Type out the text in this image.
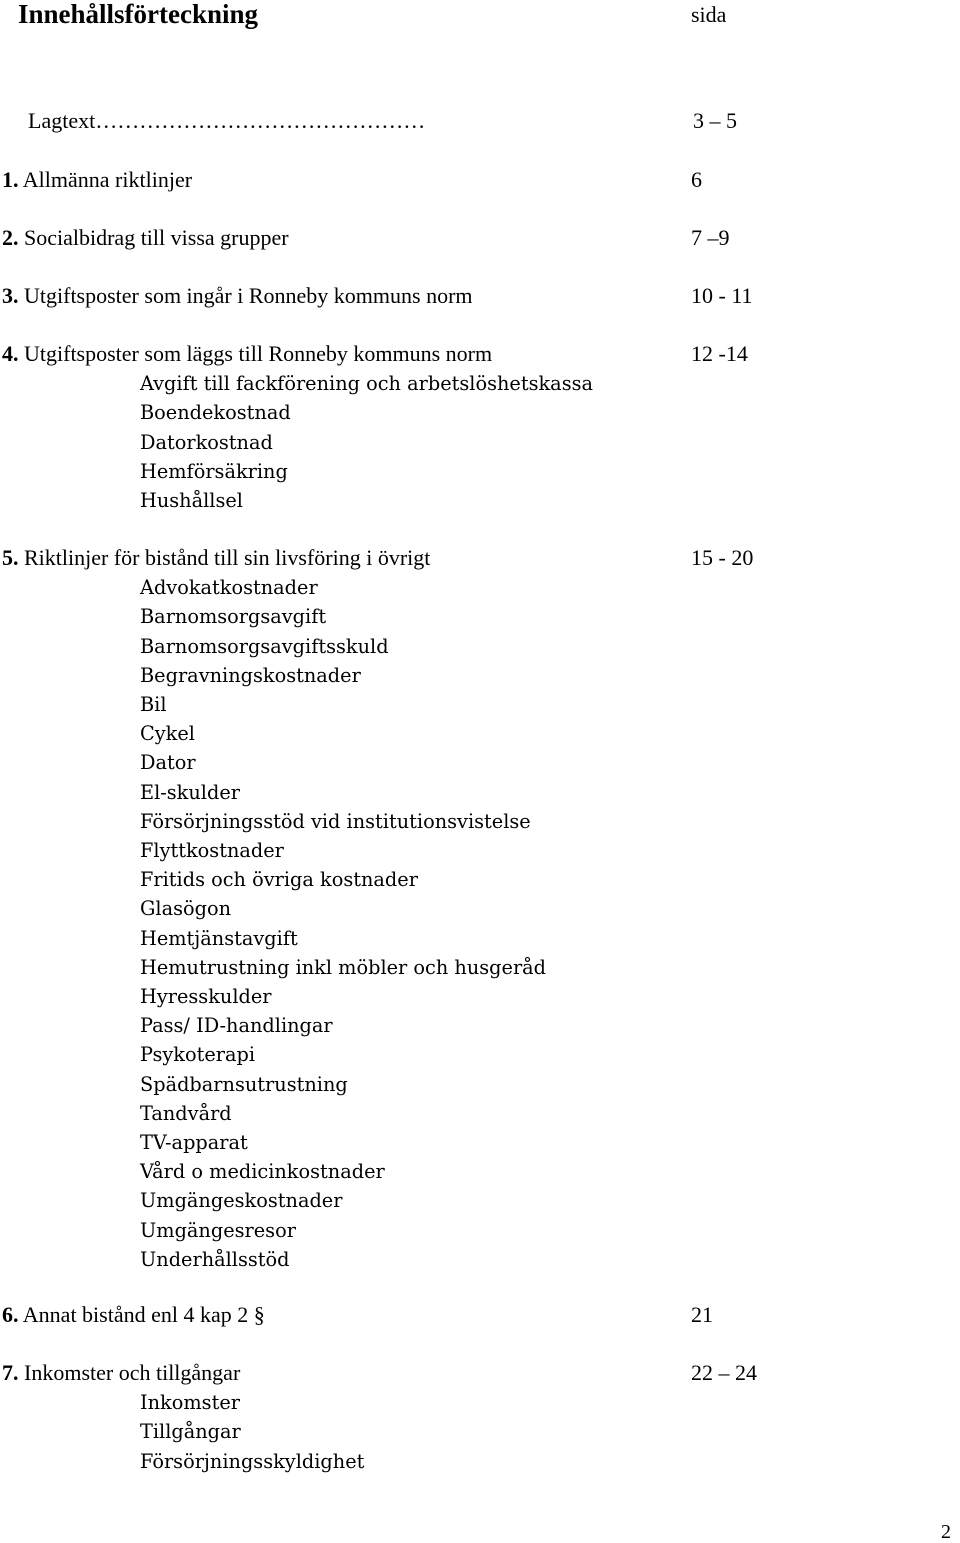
Innehållsförteckning	sida
Lagtext………………………………………	3 – 5
1. Allmänna riktlinjer	6
2. Socialbidrag till vissa grupper	7 –9
3. Utgiftsposter som ingår i Ronneby kommuns norm	10 - 11
4. Utgiftsposter som läggs till Ronneby kommuns norm	12 -14
Avgift till fackförening och arbetslöshetskassa
Boendekostnad
Datorkostnad
Hemförsäkring
Hushållsel
5. Riktlinjer för bistånd till sin livsföring i övrigt	15 - 20
Advokatkostnader
Barnomsorgsavgift
Barnomsorgsavgiftsskuld
Begravningskostnader
Bil
Cykel
Dator
El-skulder
Försörjningsstöd vid institutionsvistelse
Flyttkostnader
Fritids och övriga kostnader
Glasögon
Hemtjänstavgift
Hemutrustning inkl möbler och husgeråd
Hyresskulder
Pass/ ID-handlingar
Psykoterapi
Spädbarnsutrustning
Tandvård
TV-apparat
Vård o medicinkostnader
Umgängeskostnader
Umgängesresor
Underhållsstöd
6. Annat bistånd enl 4 kap 2 §	21
7. Inkomster och tillgångar	22 – 24
Inkomster
Tillgångar
Försörjningsskyldighet
2
